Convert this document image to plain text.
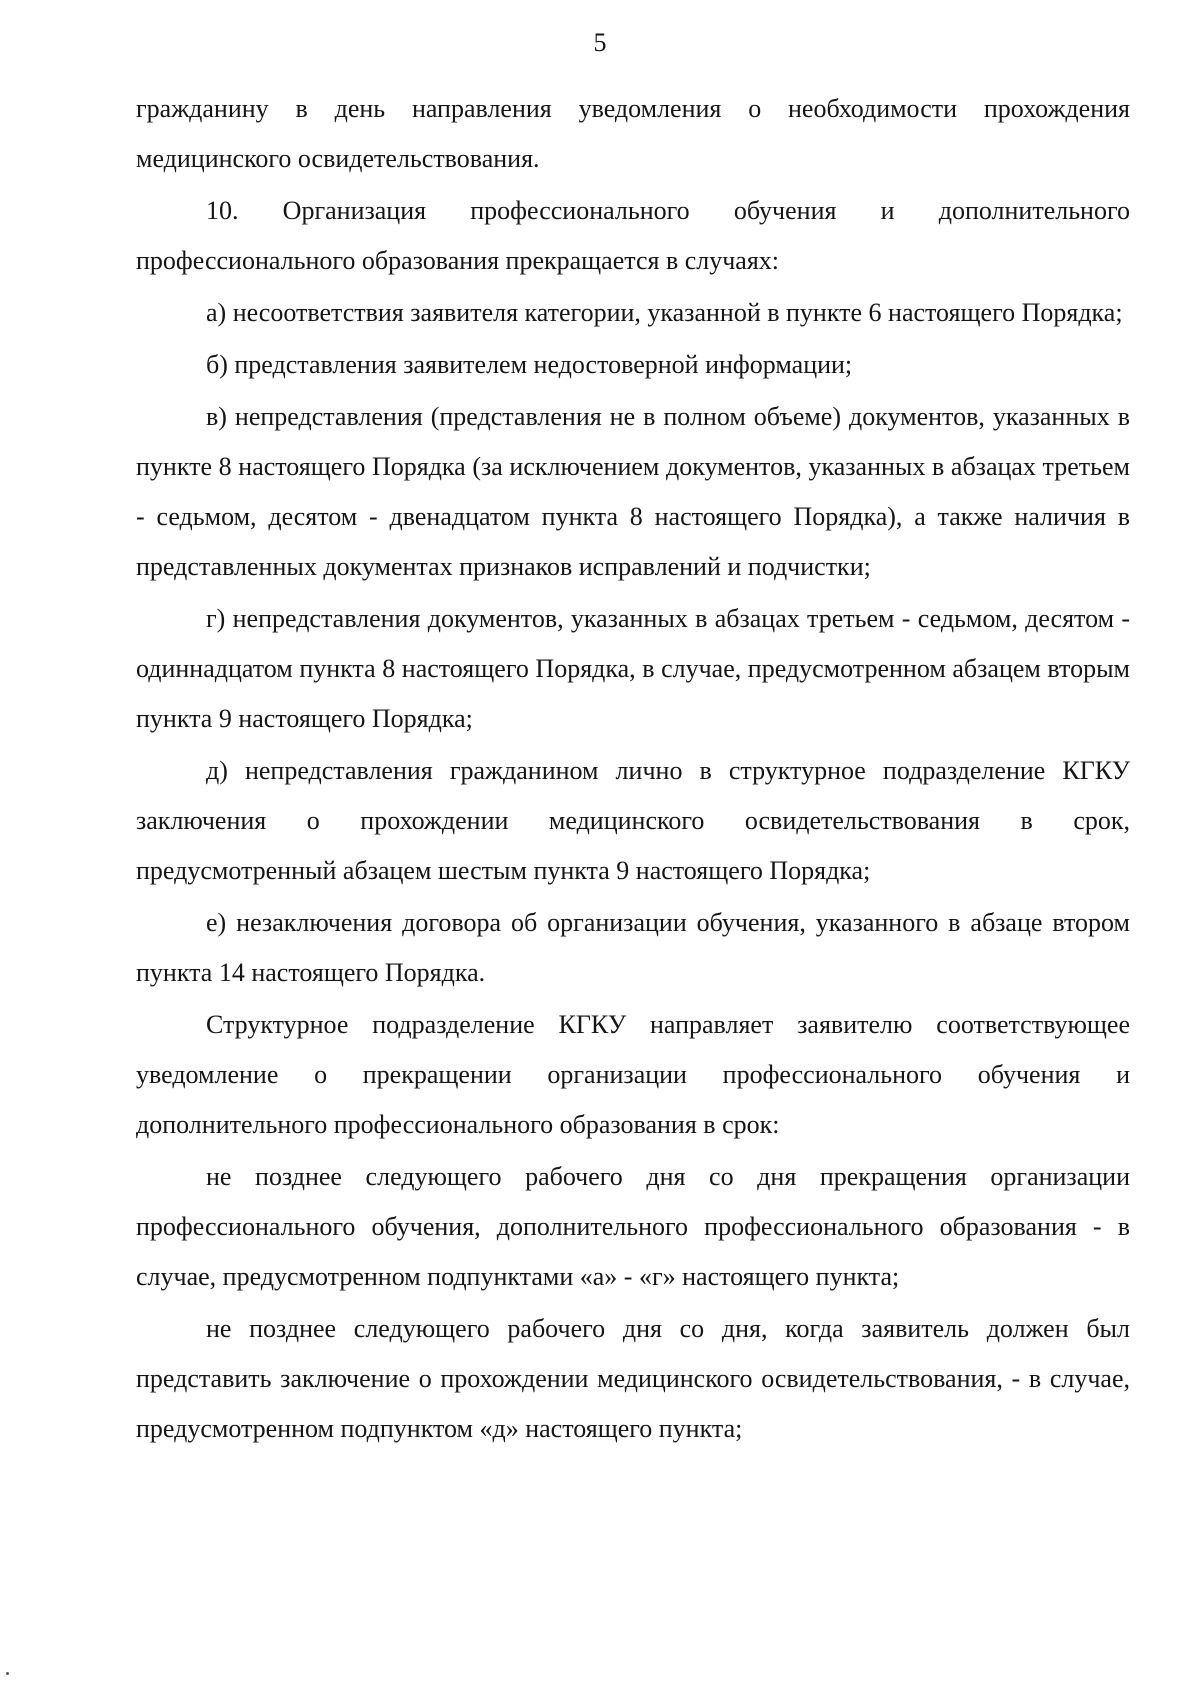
5

гражданину в день направления уведомления о необходимости прохождения медицинского освидетельствования.

10. Организация профессионального обучения и дополнительного профессионального образования прекращается в случаях:

а) несоответствия заявителя категории, указанной в пункте 6 настоящего Порядка;

б) представления заявителем недостоверной информации;

в) непредставления (представления не в полном объеме) документов, указанных в пункте 8 настоящего Порядка (за исключением документов, указанных в абзацах третьем - седьмом, десятом - двенадцатом пункта 8 настоящего Порядка), а также наличия в представленных документах признаков исправлений и подчистки;

г) непредставления документов, указанных в абзацах третьем - седьмом, десятом - одиннадцатом пункта 8 настоящего Порядка, в случае, предусмотренном абзацем вторым пункта 9 настоящего Порядка;

д) непредставления гражданином лично в структурное подразделение КГКУ заключения о прохождении медицинского освидетельствования в срок, предусмотренный абзацем шестым пункта 9 настоящего Порядка;

е) незаключения договора об организации обучения, указанного в абзаце втором пункта 14 настоящего Порядка.

Структурное подразделение КГКУ направляет заявителю соответствующее уведомление о прекращении организации профессионального обучения и дополнительного профессионального образования в срок:

не позднее следующего рабочего дня со дня прекращения организации профессионального обучения, дополнительного профессионального образования - в случае, предусмотренном подпунктами «а» - «г» настоящего пункта;

не позднее следующего рабочего дня со дня, когда заявитель должен был представить заключение о прохождении медицинского освидетельствования, - в случае, предусмотренном подпунктом «д» настоящего пункта;
